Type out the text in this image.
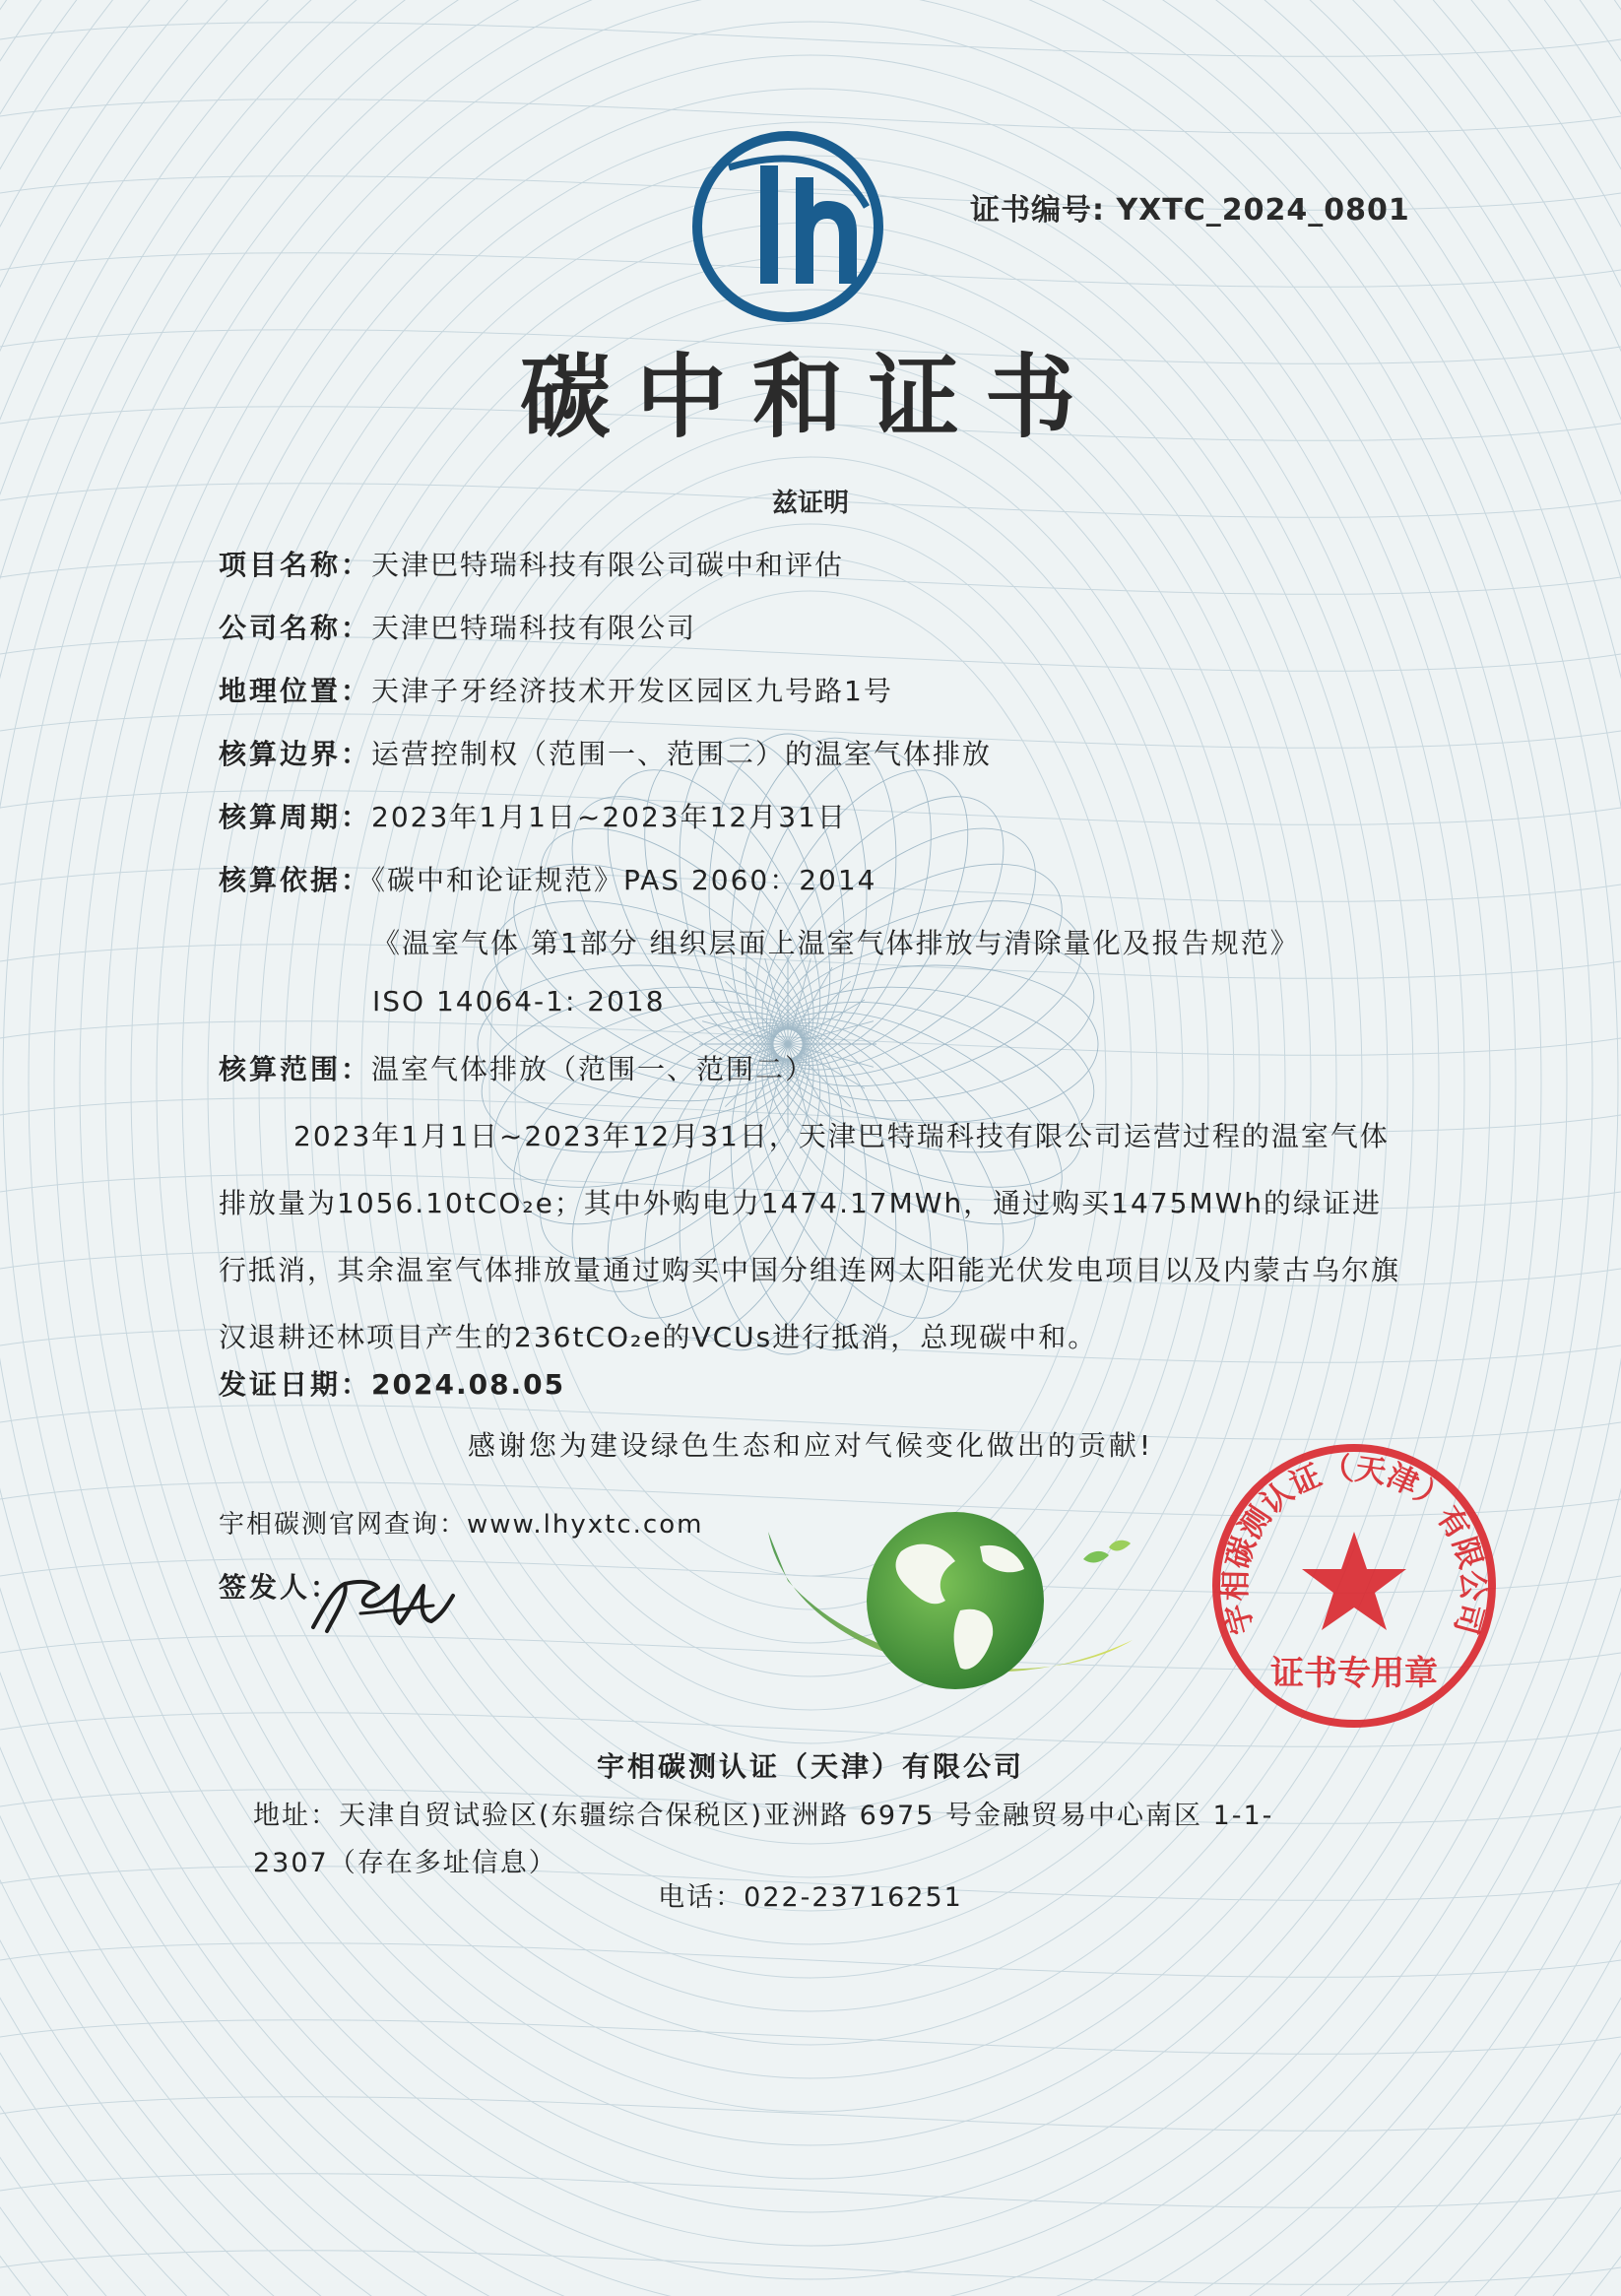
证书编号: YXTC_2024_0801
碳中和证书
兹证明
项目名称：天津巴特瑞科技有限公司碳中和评估
公司名称：天津巴特瑞科技有限公司
地理位置：天津子牙经济技术开发区园区九号路1号
核算边界：运营控制权（范围一、范围二）的温室气体排放
核算周期：2023年1月1日~2023年12月31日
核算依据：《碳中和论证规范》PAS 2060：2014
《温室气体 第1部分 组织层面上温室气体排放与清除量化及报告规范》
ISO 14064-1: 2018
核算范围：温室气体排放（范围一、范围二）
2023年1月1日~2023年12月31日，天津巴特瑞科技有限公司运营过程的温室气体排放量为1056.10tCO₂e；其中外购电力1474.17MWh，通过购买1475MWh的绿证进行抵消，其余温室气体排放量通过购买中国分组连网太阳能光伏发电项目以及内蒙古乌尔旗汉退耕还林项目产生的236tCO₂e的VCUs进行抵消，总现碳中和。
发证日期：2024.08.05
感谢您为建设绿色生态和应对气候变化做出的贡献!
宇相碳测官网查询：www.lhyxtc.com
签发人：
宇相碳测认证（天津）有限公司
证书专用章
宇相碳测认证（天津）有限公司
地址：天津自贸试验区(东疆综合保税区)亚洲路 6975 号金融贸易中心南区 1-1-2307（存在多址信息）
电话：022-23716251
